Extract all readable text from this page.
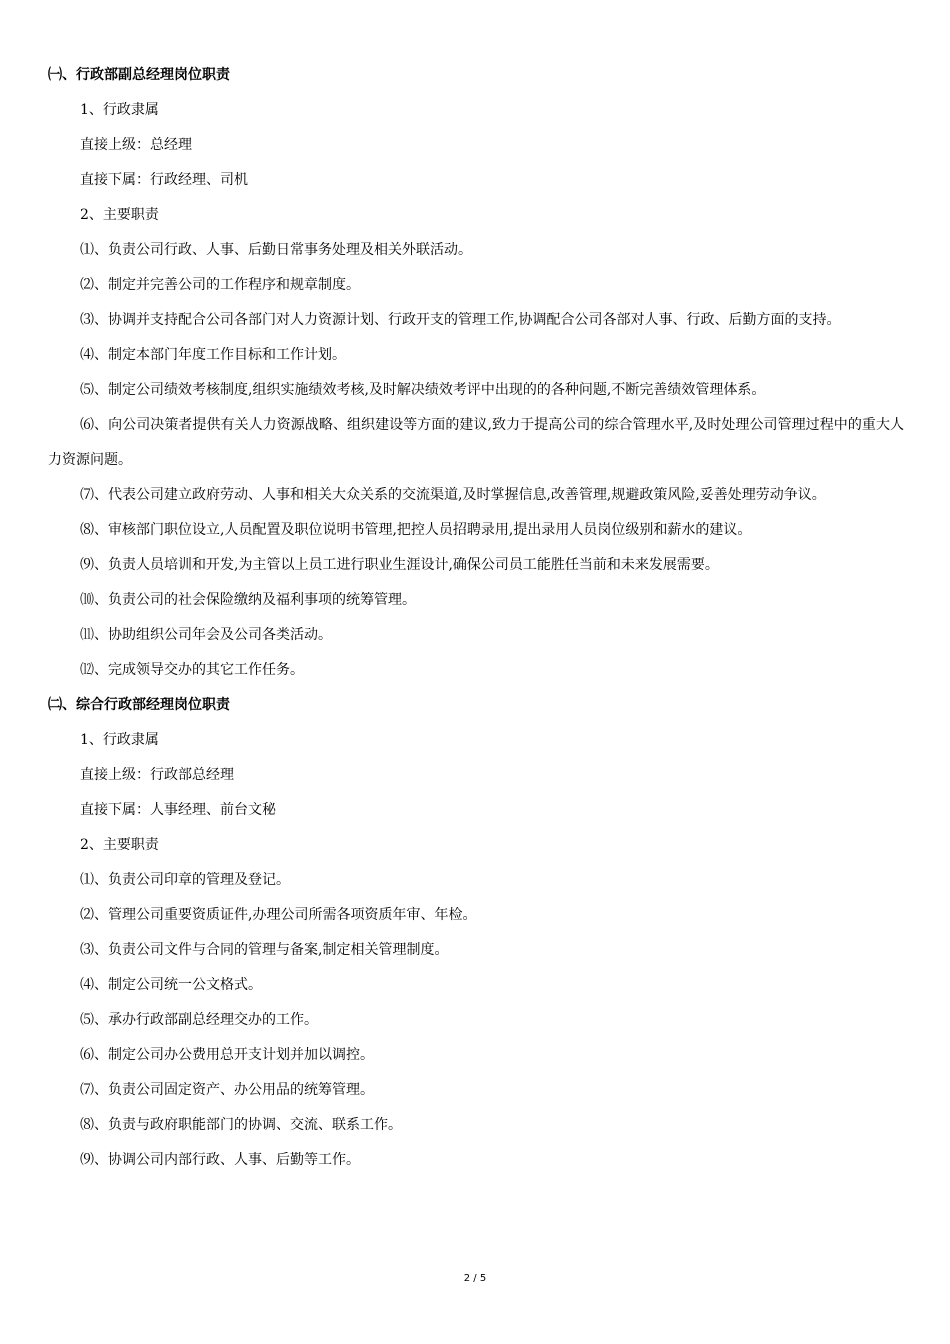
㈠、行政部副总经理岗位职责
1、行政隶属
直接上级：总经理
直接下属：行政经理、司机
2、主要职责
⑴、负责公司行政、人事、后勤日常事务处理及相关外联活动。
⑵、制定并完善公司的工作程序和规章制度。
⑶、协调并支持配合公司各部门对人力资源计划、行政开支的管理工作,协调配合公司各部对人事、行政、后勤方面的支持。
⑷、制定本部门年度工作目标和工作计划。
⑸、制定公司绩效考核制度,组织实施绩效考核,及时解决绩效考评中出现的的各种问题,不断完善绩效管理体系。
⑹、向公司决策者提供有关人力资源战略、组织建设等方面的建议,致力于提高公司的综合管理水平,及时处理公司管理过程中的重大人力资源问题。
⑺、代表公司建立政府劳动、人事和相关大众关系的交流渠道,及时掌握信息,改善管理,规避政策风险,妥善处理劳动争议。
⑻、审核部门职位设立,人员配置及职位说明书管理,把控人员招聘录用,提出录用人员岗位级别和薪水的建议。
⑼、负责人员培训和开发,为主管以上员工进行职业生涯设计,确保公司员工能胜任当前和未来发展需要。
⑽、负责公司的社会保险缴纳及福利事项的统筹管理。
⑾、协助组织公司年会及公司各类活动。
⑿、完成领导交办的其它工作任务。
㈡、综合行政部经理岗位职责
1、行政隶属
直接上级：行政部总经理
直接下属：人事经理、前台文秘
2、主要职责
⑴、负责公司印章的管理及登记。
⑵、管理公司重要资质证件,办理公司所需各项资质年审、年检。
⑶、负责公司文件与合同的管理与备案,制定相关管理制度。
⑷、制定公司统一公文格式。
⑸、承办行政部副总经理交办的工作。
⑹、制定公司办公费用总开支计划并加以调控。
⑺、负责公司固定资产、办公用品的统筹管理。
⑻、负责与政府职能部门的协调、交流、联系工作。
⑼、协调公司内部行政、人事、后勤等工作。
2 / 5
